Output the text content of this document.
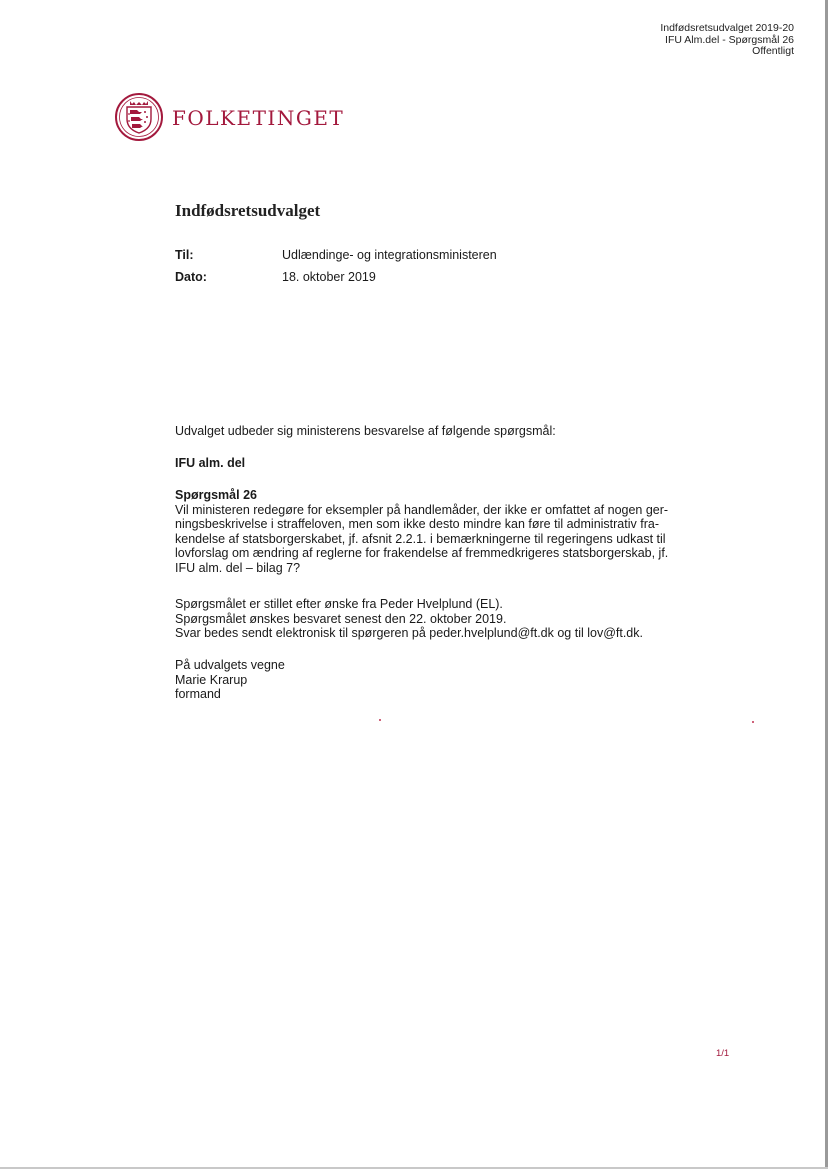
Indfødsretsudvalget 2019-20
IFU Alm.del - Spørgsmål 26
Offentligt
FOLKETINGET
Indfødsretsudvalget
Til:	Udlændinge- og integrationsministeren
Dato:	18. oktober 2019
Udvalget udbeder sig ministerens besvarelse af følgende spørgsmål:
IFU alm. del
Spørgsmål 26
Vil ministeren redegøre for eksempler på handlemåder, der ikke er omfattet af nogen ger-
ningsbeskrivelse i straffeloven, men som ikke desto mindre kan føre til administrativ fra-
kendelse af statsborgerskabet, jf. afsnit 2.2.1. i bemærkningerne til regeringens udkast til
lovforslag om ændring af reglerne for frakendelse af fremmedkrigeres statsborgerskab, jf.
IFU alm. del – bilag 7?
Spørgsmålet er stillet efter ønske fra Peder Hvelplund (EL).
Spørgsmålet ønskes besvaret senest den 22. oktober 2019.
Svar bedes sendt elektronisk til spørgeren på peder.hvelplund@ft.dk og til lov@ft.dk.
På udvalgets vegne
Marie Krarup
formand
1/1
